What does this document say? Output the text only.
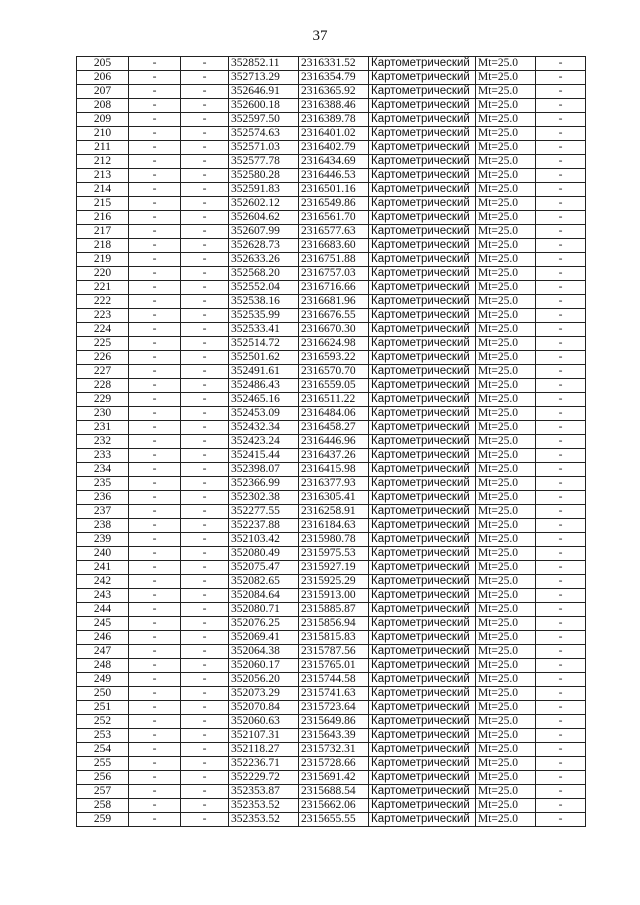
37
205	-	-	352852.11	2316331.52	Картометрический	Mt=25.0	-
206	-	-	352713.29	2316354.79	Картометрический	Mt=25.0	-
207	-	-	352646.91	2316365.92	Картометрический	Mt=25.0	-
208	-	-	352600.18	2316388.46	Картометрический	Mt=25.0	-
209	-	-	352597.50	2316389.78	Картометрический	Mt=25.0	-
210	-	-	352574.63	2316401.02	Картометрический	Mt=25.0	-
211	-	-	352571.03	2316402.79	Картометрический	Mt=25.0	-
212	-	-	352577.78	2316434.69	Картометрический	Mt=25.0	-
213	-	-	352580.28	2316446.53	Картометрический	Mt=25.0	-
214	-	-	352591.83	2316501.16	Картометрический	Mt=25.0	-
215	-	-	352602.12	2316549.86	Картометрический	Mt=25.0	-
216	-	-	352604.62	2316561.70	Картометрический	Mt=25.0	-
217	-	-	352607.99	2316577.63	Картометрический	Mt=25.0	-
218	-	-	352628.73	2316683.60	Картометрический	Mt=25.0	-
219	-	-	352633.26	2316751.88	Картометрический	Mt=25.0	-
220	-	-	352568.20	2316757.03	Картометрический	Mt=25.0	-
221	-	-	352552.04	2316716.66	Картометрический	Mt=25.0	-
222	-	-	352538.16	2316681.96	Картометрический	Mt=25.0	-
223	-	-	352535.99	2316676.55	Картометрический	Mt=25.0	-
224	-	-	352533.41	2316670.30	Картометрический	Mt=25.0	-
225	-	-	352514.72	2316624.98	Картометрический	Mt=25.0	-
226	-	-	352501.62	2316593.22	Картометрический	Mt=25.0	-
227	-	-	352491.61	2316570.70	Картометрический	Mt=25.0	-
228	-	-	352486.43	2316559.05	Картометрический	Mt=25.0	-
229	-	-	352465.16	2316511.22	Картометрический	Mt=25.0	-
230	-	-	352453.09	2316484.06	Картометрический	Mt=25.0	-
231	-	-	352432.34	2316458.27	Картометрический	Mt=25.0	-
232	-	-	352423.24	2316446.96	Картометрический	Mt=25.0	-
233	-	-	352415.44	2316437.26	Картометрический	Mt=25.0	-
234	-	-	352398.07	2316415.98	Картометрический	Mt=25.0	-
235	-	-	352366.99	2316377.93	Картометрический	Mt=25.0	-
236	-	-	352302.38	2316305.41	Картометрический	Mt=25.0	-
237	-	-	352277.55	2316258.91	Картометрический	Mt=25.0	-
238	-	-	352237.88	2316184.63	Картометрический	Mt=25.0	-
239	-	-	352103.42	2315980.78	Картометрический	Mt=25.0	-
240	-	-	352080.49	2315975.53	Картометрический	Mt=25.0	-
241	-	-	352075.47	2315927.19	Картометрический	Mt=25.0	-
242	-	-	352082.65	2315925.29	Картометрический	Mt=25.0	-
243	-	-	352084.64	2315913.00	Картометрический	Mt=25.0	-
244	-	-	352080.71	2315885.87	Картометрический	Mt=25.0	-
245	-	-	352076.25	2315856.94	Картометрический	Mt=25.0	-
246	-	-	352069.41	2315815.83	Картометрический	Mt=25.0	-
247	-	-	352064.38	2315787.56	Картометрический	Mt=25.0	-
248	-	-	352060.17	2315765.01	Картометрический	Mt=25.0	-
249	-	-	352056.20	2315744.58	Картометрический	Mt=25.0	-
250	-	-	352073.29	2315741.63	Картометрический	Mt=25.0	-
251	-	-	352070.84	2315723.64	Картометрический	Mt=25.0	-
252	-	-	352060.63	2315649.86	Картометрический	Mt=25.0	-
253	-	-	352107.31	2315643.39	Картометрический	Mt=25.0	-
254	-	-	352118.27	2315732.31	Картометрический	Mt=25.0	-
255	-	-	352236.71	2315728.66	Картометрический	Mt=25.0	-
256	-	-	352229.72	2315691.42	Картометрический	Mt=25.0	-
257	-	-	352353.87	2315688.54	Картометрический	Mt=25.0	-
258	-	-	352353.52	2315662.06	Картометрический	Mt=25.0	-
259	-	-	352353.52	2315655.55	Картометрический	Mt=25.0	-
